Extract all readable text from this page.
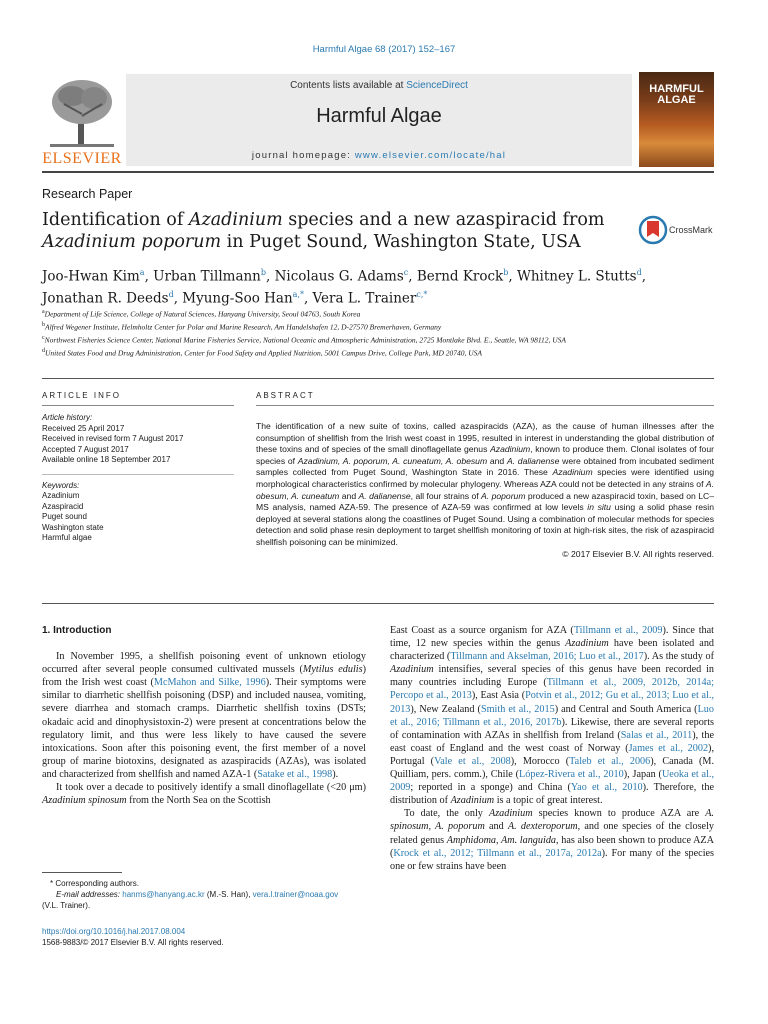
Harmful Algae 68 (2017) 152–167
ELSEVIER
Contents lists available at ScienceDirect
Harmful Algae
journal homepage: www.elsevier.com/locate/hal
HARMFUL
ALGAE
Research Paper
Identification of Azadinium species and a new azaspiracid from
Azadinium poporum in Puget Sound, Washington State, USA
CrossMark
Joo-Hwan Kim$^a$, Urban Tillmann$^b$, Nicolaus G. Adams$^c$, Bernd Krock$^b$, Whitney L. Stutts$^d$,
Jonathan R. Deeds$^d$, Myung-Soo Han$^{a,*}$, Vera L. Trainer$^{c,*}$
$^a$Department of Life Science, College of Natural Sciences, Hanyang University, Seoul 04763, South Korea
$^b$Alfred Wegener Institute, Helmholtz Center for Polar and Marine Research, Am Handelshafen 12, D-27570 Bremerhaven, Germany
$^c$Northwest Fisheries Science Center, National Marine Fisheries Service, National Oceanic and Atmospheric Administration, 2725 Montlake Blvd. E., Seattle, WA 98112, USA
$^d$United States Food and Drug Administration, Center for Food Safety and Applied Nutrition, 5001 Campus Drive, College Park, MD 20740, USA
ARTICLE INFO	ABSTRACT
Article history:
Received 25 April 2017
Received in revised form 7 August 2017
Accepted 7 August 2017
Available online 18 September 2017
Keywords:
Azadinium
Azaspiracid
Puget sound
Washington state
Harmful algae
The identification of a new suite of toxins, called azaspiracids (AZA), as the cause of human illnesses after the consumption of shellfish from the Irish west coast in 1995, resulted in interest in understanding the global distribution of these toxins and of species of the small dinoflagellate genus Azadinium, known to produce them. Clonal isolates of four species of Azadinium, A. poporum, A. cuneatum, A. obesum and A. dalianense were obtained from incubated sediment samples collected from Puget Sound, Washington State in 2016. These Azadinium species were identified using morphological characteristics confirmed by molecular phylogeny. Whereas AZA could not be detected in any strains of A. obesum, A. cuneatum and A. dalianense, all four strains of A. poporum produced a new azaspiracid toxin, based on LC–MS analysis, named AZA-59. The presence of AZA-59 was confirmed at low levels in situ using a solid phase resin deployed at several stations along the coastlines of Puget Sound. Using a combination of molecular methods for species detection and solid phase resin deployment to target shellfish monitoring of toxin at high-risk sites, the risk of azaspiracid shellfish poisoning can be minimized.
© 2017 Elsevier B.V. All rights reserved.
1. Introduction

In November 1995, a shellfish poisoning event of unknown etiology occurred after several people consumed cultivated mussels (Mytilus edulis) from the Irish west coast (McMahon and Silke, 1996). Their symptoms were similar to diarrhetic shellfish poisoning (DSP) and included nausea, vomiting, severe diarrhea and stomach cramps. Diarrhetic shellfish toxins (DSTs; okadaic acid and dinophysistoxin-2) were present at concentrations below the regulatory limit, and thus were less likely to have caused the severe intoxications. Soon after this poisoning event, the first member of a novel group of marine biotoxins, designated as azaspiracids (AZAs), was isolated and characterized from shellfish and named AZA-1 (Satake et al., 1998).

It took over a decade to positively identify a small dinoflagellate (<20 μm) Azadinium spinosum from the North Sea on the Scottish

East Coast as a source organism for AZA (Tillmann et al., 2009). Since that time, 12 new species within the genus Azadinium have been isolated and characterized (Tillmann and Akselman, 2016; Luo et al., 2017). As the study of Azadinium intensifies, several species of this genus have been recorded in many countries including Europe (Tillmann et al., 2009, 2012b, 2014a; Percopo et al., 2013), East Asia (Potvin et al., 2012; Gu et al., 2013; Luo et al., 2013), New Zealand (Smith et al., 2015) and Central and South America (Luo et al., 2016; Tillmann et al., 2016, 2017b). Likewise, there are several reports of contamination with AZAs in shellfish from Ireland (Salas et al., 2011), the east coast of England and the west coast of Norway (James et al., 2002), Portugal (Vale et al., 2008), Morocco (Taleb et al., 2006), Canada (M. Quilliam, pers. comm.), Chile (López-Rivera et al., 2010), Japan (Ueoka et al., 2009; reported in a sponge) and China (Yao et al., 2010). Therefore, the distribution of Azadinium is a topic of great interest.

To date, the only Azadinium species known to produce AZA are A. spinosum, A. poporum and A. dexteroporum, and one species of the closely related genus Amphidoma, Am. languida, has also been shown to produce AZA (Krock et al., 2012; Tillmann et al., 2017a, 2012a). For many of the species one or few strains have been

* Corresponding authors.
E-mail addresses: hanms@hanyang.ac.kr (M.-S. Han), vera.l.trainer@noaa.gov
(V.L. Trainer).
https://doi.org/10.1016/j.hal.2017.08.004
1568-9883/© 2017 Elsevier B.V. All rights reserved.
